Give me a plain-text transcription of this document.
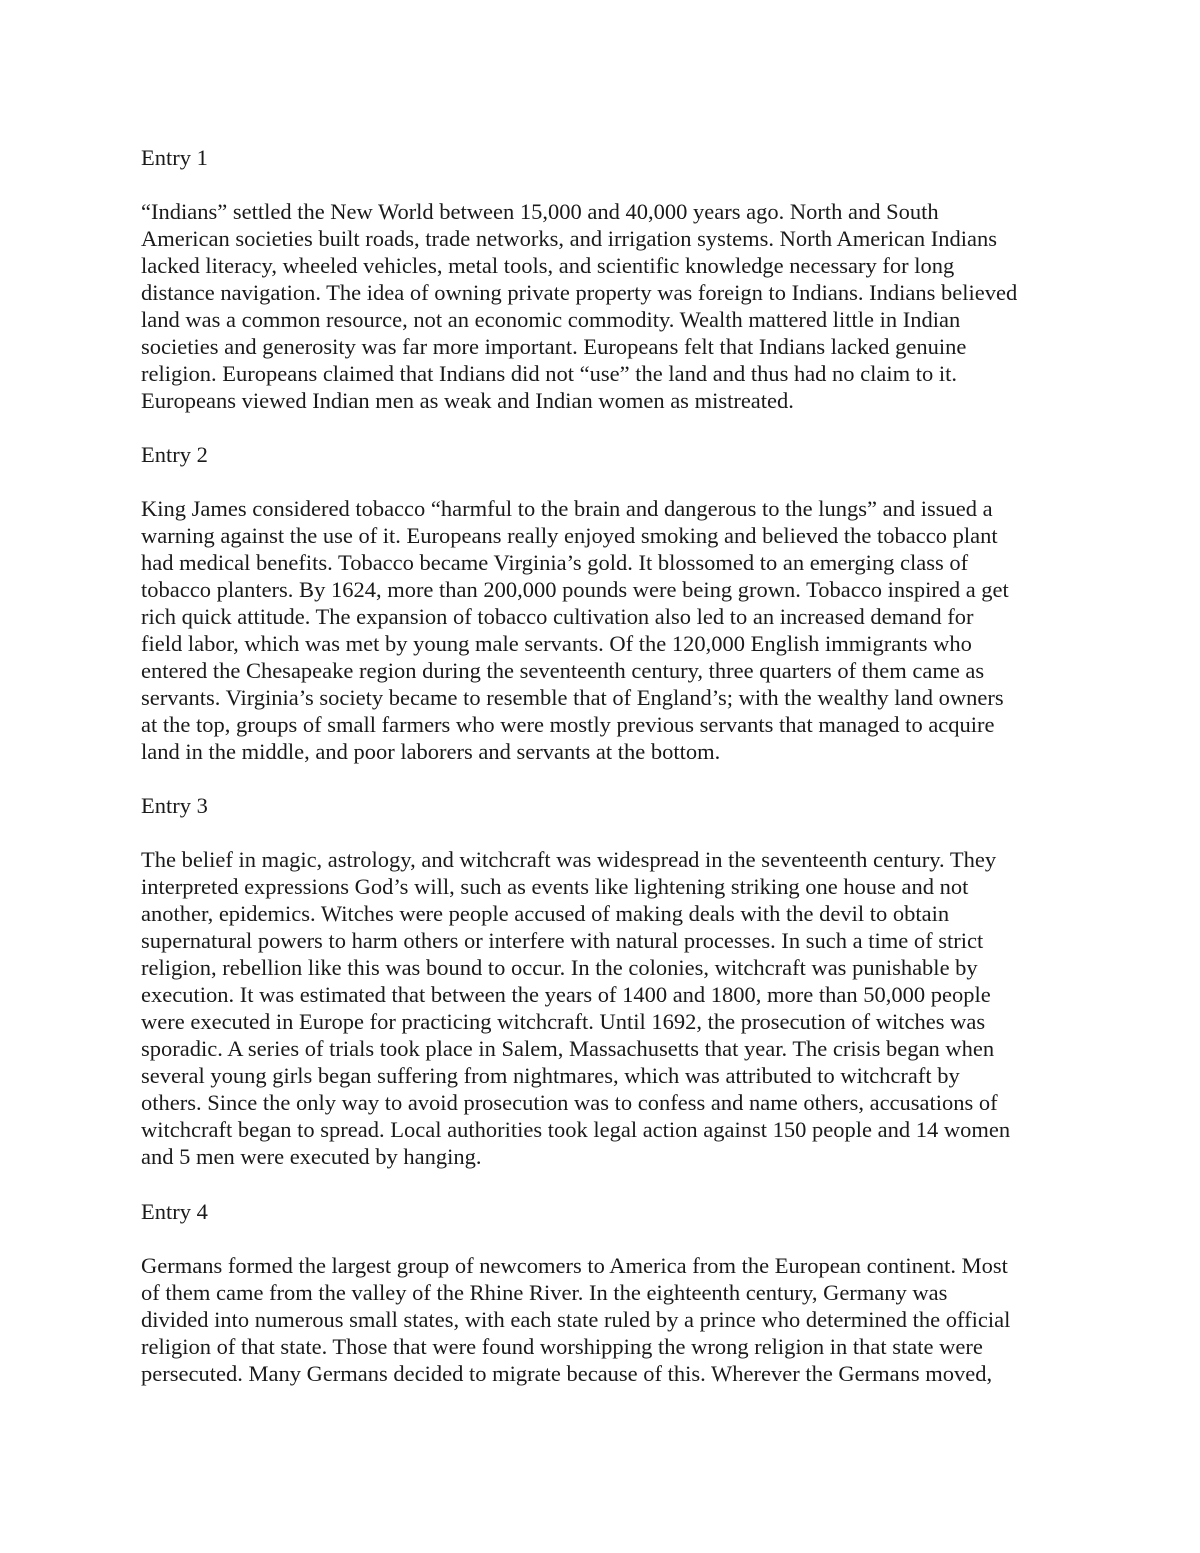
Entry 1
“Indians” settled the New World between 15,000 and 40,000 years ago. North and South
American societies built roads, trade networks, and irrigation systems. North American Indians
lacked literacy, wheeled vehicles, metal tools, and scientific knowledge necessary for long
distance navigation. The idea of owning private property was foreign to Indians. Indians believed
land was a common resource, not an economic commodity. Wealth mattered little in Indian
societies and generosity was far more important. Europeans felt that Indians lacked genuine
religion. Europeans claimed that Indians did not “use” the land and thus had no claim to it.
Europeans viewed Indian men as weak and Indian women as mistreated.
Entry 2
King James considered tobacco “harmful to the brain and dangerous to the lungs” and issued a
warning against the use of it. Europeans really enjoyed smoking and believed the tobacco plant
had medical benefits. Tobacco became Virginia’s gold. It blossomed to an emerging class of
tobacco planters. By 1624, more than 200,000 pounds were being grown. Tobacco inspired a get
rich quick attitude. The expansion of tobacco cultivation also led to an increased demand for
field labor, which was met by young male servants. Of the 120,000 English immigrants who
entered the Chesapeake region during the seventeenth century, three quarters of them came as
servants. Virginia’s society became to resemble that of England’s; with the wealthy land owners
at the top, groups of small farmers who were mostly previous servants that managed to acquire
land in the middle, and poor laborers and servants at the bottom.
Entry 3
The belief in magic, astrology, and witchcraft was widespread in the seventeenth century. They
interpreted expressions God’s will, such as events like lightening striking one house and not
another, epidemics. Witches were people accused of making deals with the devil to obtain
supernatural powers to harm others or interfere with natural processes. In such a time of strict
religion, rebellion like this was bound to occur. In the colonies, witchcraft was punishable by
execution. It was estimated that between the years of 1400 and 1800, more than 50,000 people
were executed in Europe for practicing witchcraft. Until 1692, the prosecution of witches was
sporadic. A series of trials took place in Salem, Massachusetts that year. The crisis began when
several young girls began suffering from nightmares, which was attributed to witchcraft by
others. Since the only way to avoid prosecution was to confess and name others, accusations of
witchcraft began to spread. Local authorities took legal action against 150 people and 14 women
and 5 men were executed by hanging.
Entry 4
Germans formed the largest group of newcomers to America from the European continent. Most
of them came from the valley of the Rhine River. In the eighteenth century, Germany was
divided into numerous small states, with each state ruled by a prince who determined the official
religion of that state. Those that were found worshipping the wrong religion in that state were
persecuted. Many Germans decided to migrate because of this. Wherever the Germans moved,
